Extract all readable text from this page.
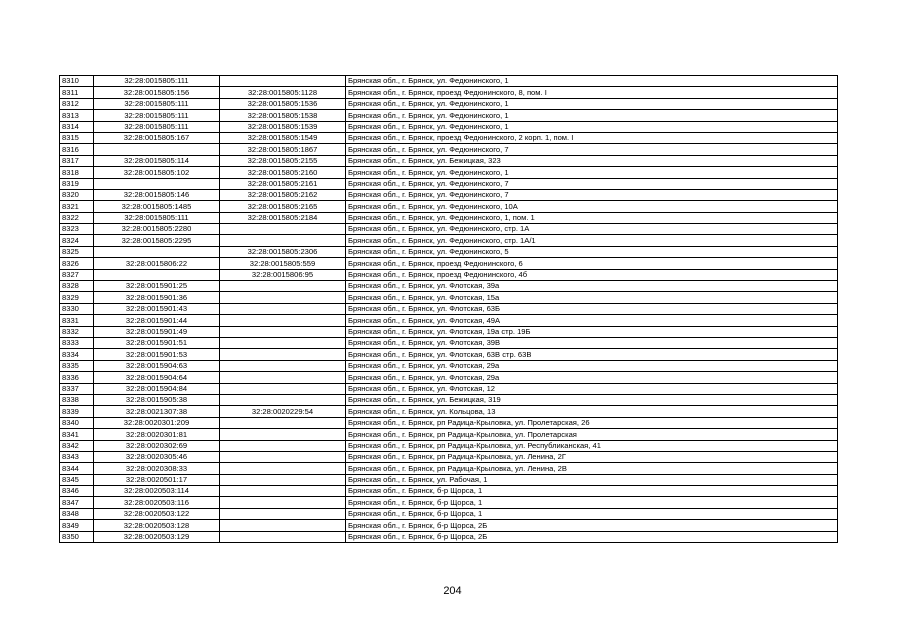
8310	32:28:0015805:111		Брянская обл., г. Брянск, ул. Федюнинского, 1
8311	32:28:0015805:156	32:28:0015805:1128	Брянская обл., г. Брянск, проезд Федюнинского, 8, пом. I
8312	32:28:0015805:111	32:28:0015805:1536	Брянская обл., г. Брянск, ул. Федюнинского, 1
8313	32:28:0015805:111	32:28:0015805:1538	Брянская обл., г. Брянск, ул. Федюнинского, 1
8314	32:28:0015805:111	32:28:0015805:1539	Брянская обл., г. Брянск, ул. Федюнинского, 1
8315	32:28:0015805:167	32:28:0015805:1549	Брянская обл., г. Брянск, проезд Федюнинского, 2 корп. 1, пом. I
8316		32:28:0015805:1867	Брянская обл., г. Брянск, ул. Федюнинского, 7
8317	32:28:0015805:114	32:28:0015805:2155	Брянская обл., г. Брянск, ул. Бежицкая, 323
8318	32:28:0015805:102	32:28:0015805:2160	Брянская обл., г. Брянск, ул. Федюнинского, 1
8319		32:28:0015805:2161	Брянская обл., г. Брянск, ул. Федюнинского, 7
8320	32:28:0015805:146	32:28:0015805:2162	Брянская обл., г. Брянск, ул. Федюнинского, 7
8321	32:28:0015805:1485	32:28:0015805:2165	Брянская обл., г. Брянск, ул. Федюнинского, 10А
8322	32:28:0015805:111	32:28:0015805:2184	Брянская обл., г. Брянск, ул. Федюнинского, 1, пом. 1
8323	32:28:0015805:2280		Брянская обл., г. Брянск, ул. Федюнинского, стр. 1А
8324	32:28:0015805:2295		Брянская обл., г. Брянск, ул. Федюнинского, стр. 1А/1
8325		32:28:0015805:2306	Брянская обл., г. Брянск, ул. Федюнинского, 5
8326	32:28:0015806:22	32:28:0015805:559	Брянская обл., г. Брянск, проезд Федюнинского, 6
8327		32:28:0015806:95	Брянская обл., г. Брянск, проезд Федюнинского, 4б
8328	32:28:0015901:25		Брянская обл., г. Брянск, ул. Флотская, 39а
8329	32:28:0015901:36		Брянская обл., г. Брянск, ул. Флотская, 15а
8330	32:28:0015901:43		Брянская обл., г. Брянск, ул. Флотская, 63Б
8331	32:28:0015901:44		Брянская обл., г. Брянск, ул. Флотская, 49А
8332	32:28:0015901:49		Брянская обл., г. Брянск, ул. Флотская, 19а стр. 19Б
8333	32:28:0015901:51		Брянская обл., г. Брянск, ул. Флотская, 39В
8334	32:28:0015901:53		Брянская обл., г. Брянск, ул. Флотская, 63В стр. 63В
8335	32:28:0015904:63		Брянская обл., г. Брянск, ул. Флотская, 29а
8336	32:28:0015904:64		Брянская обл., г. Брянск, ул. Флотская, 29а
8337	32:28:0015904:84		Брянская обл., г. Брянск, ул. Флотская, 12
8338	32:28:0015905:38		Брянская обл., г. Брянск, ул. Бежицкая, 319
8339	32:28:0021307:38	32:28:0020229:54	Брянская обл., г. Брянск, ул. Кольцова, 13
8340	32:28:0020301:209		Брянская обл., г. Брянск, рп Радица-Крыловка, ул. Пролетарская, 26
8341	32:28:0020301:81		Брянская обл., г. Брянск, рп Радица-Крыловка, ул. Пролетарская
8342	32:28:0020302:69		Брянская обл., г. Брянск, рп Радица-Крыловка, ул. Республиканская, 41
8343	32:28:0020305:46		Брянская обл., г. Брянск, рп Радица-Крыловка, ул. Ленина, 2Г
8344	32:28:0020308:33		Брянская обл., г. Брянск, рп Радица-Крыловка, ул. Ленина, 2В
8345	32:28:0020501:17		Брянская обл., г. Брянск, ул. Рабочая, 1
8346	32:28:0020503:114		Брянская обл., г. Брянск, б-р Щорса, 1
8347	32:28:0020503:116		Брянская обл., г. Брянск, б-р Щорса, 1
8348	32:28:0020503:122		Брянская обл., г. Брянск, б-р Щорса, 1
8349	32:28:0020503:128		Брянская обл., г. Брянск, б-р Щорса, 2Б
8350	32:28:0020503:129		Брянская обл., г. Брянск, б-р Щорса, 2Б
204
